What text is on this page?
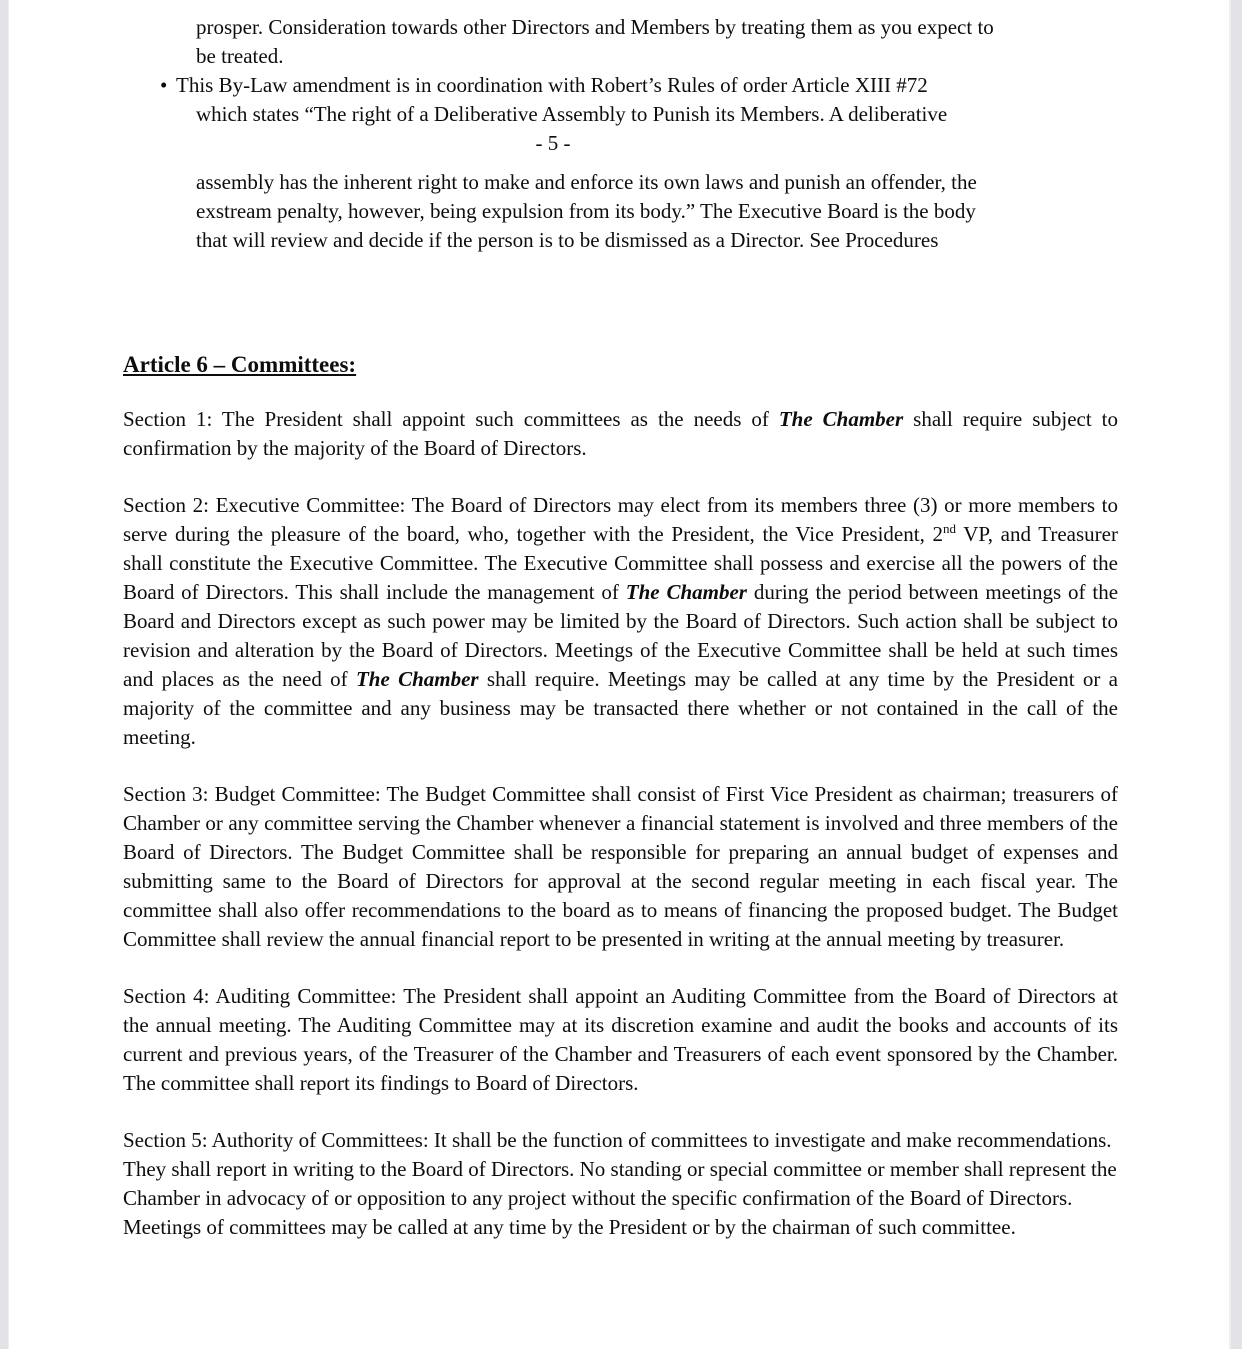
prosper. Consideration towards other Directors and Members by treating them as you expect to
be treated.
• This By-Law amendment is in coordination with Robert’s Rules of order Article XIII #72
which states “The right of a Deliberative Assembly to Punish its Members. A deliberative
- 5 -
assembly has the inherent right to make and enforce its own laws and punish an offender, the
exstream penalty, however, being expulsion from its body.” The Executive Board is the body
that will review and decide if the person is to be dismissed as a Director. See Procedures
Article 6 – Committees:

Section 1: The President shall appoint such committees as the needs of The Chamber shall require subject to confirmation by the majority of the Board of Directors.

Section 2: Executive Committee: The Board of Directors may elect from its members three (3) or more members to serve during the pleasure of the board, who, together with the President, the Vice President, 2nd VP, and Treasurer shall constitute the Executive Committee. The Executive Committee shall possess and exercise all the powers of the Board of Directors. This shall include the management of The Chamber during the period between meetings of the Board and Directors except as such power may be limited by the Board of Directors. Such action shall be subject to revision and alteration by the Board of Directors. Meetings of the Executive Committee shall be held at such times and places as the need of The Chamber shall require. Meetings may be called at any time by the President or a majority of the committee and any business may be transacted there whether or not contained in the call of the meeting.

Section 3: Budget Committee: The Budget Committee shall consist of First Vice President as chairman; treasurers of Chamber or any committee serving the Chamber whenever a financial statement is involved and three members of the Board of Directors. The Budget Committee shall be responsible for preparing an annual budget of expenses and submitting same to the Board of Directors for approval at the second regular meeting in each fiscal year. The committee shall also offer recommendations to the board as to means of financing the proposed budget. The Budget Committee shall review the annual financial report to be presented in writing at the annual meeting by treasurer.

Section 4: Auditing Committee: The President shall appoint an Auditing Committee from the Board of Directors at the annual meeting. The Auditing Committee may at its discretion examine and audit the books and accounts of its current and previous years, of the Treasurer of the Chamber and Treasurers of each event sponsored by the Chamber. The committee shall report its findings to Board of Directors.

Section 5: Authority of Committees: It shall be the function of committees to investigate and make recommendations. They shall report in writing to the Board of Directors. No standing or special committee or member shall represent the Chamber in advocacy of or opposition to any project without the specific confirmation of the Board of Directors. Meetings of committees may be called at any time by the President or by the chairman of such committee.
